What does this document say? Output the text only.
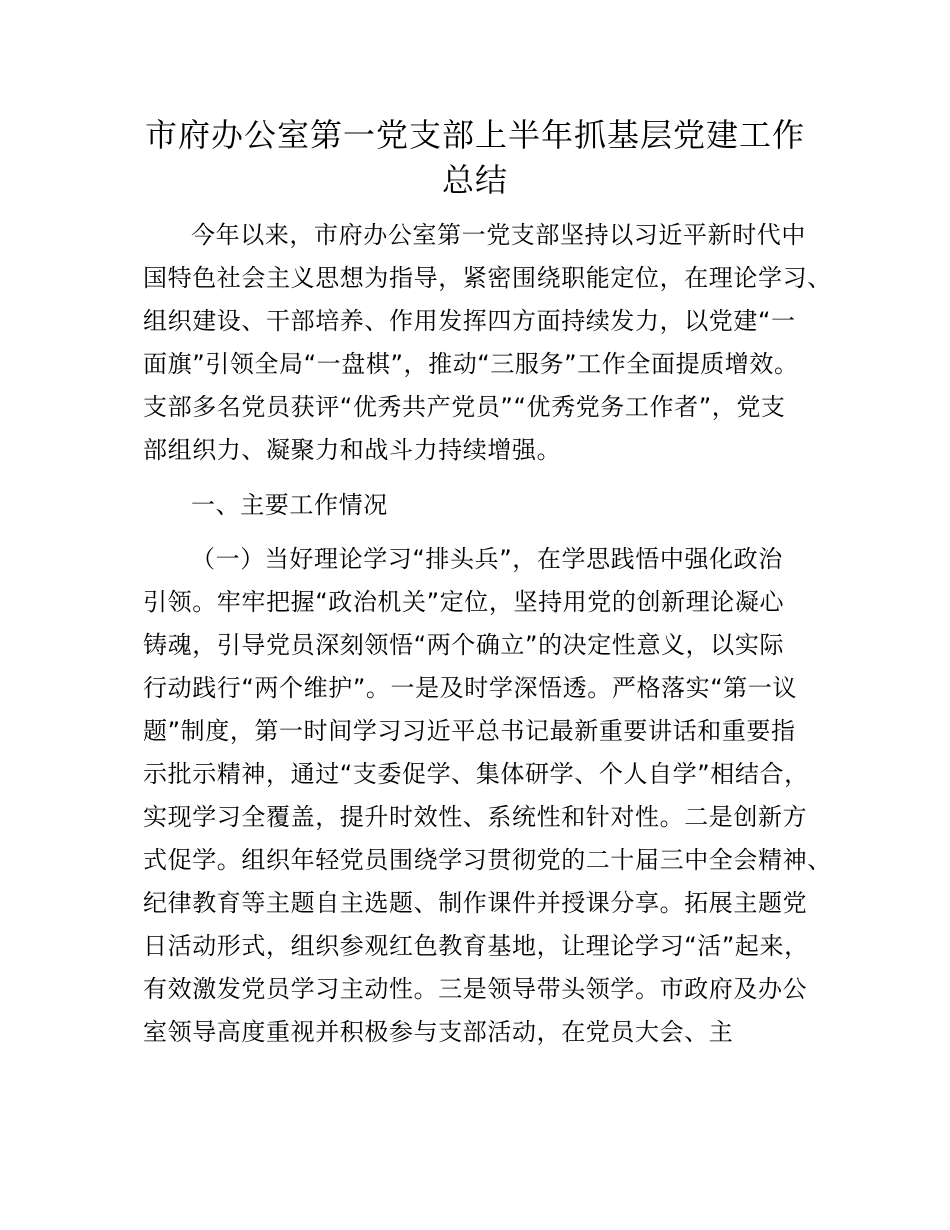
市府办公室第一党支部上半年抓基层党建工作
总结
今年以来，市府办公室第一党支部坚持以习近平新时代中
国特色社会主义思想为指导，紧密围绕职能定位，在理论学习、
组织建设、干部培养、作用发挥四方面持续发力，以党建“一
面旗”引领全局“一盘棋”，推动“三服务”工作全面提质增效。
支部多名党员获评“优秀共产党员”“优秀党务工作者”，党支
部组织力、凝聚力和战斗力持续增强。
一、主要工作情况
（一）当好理论学习“排头兵”，在学思践悟中强化政治
引领。牢牢把握“政治机关”定位，坚持用党的创新理论凝心
铸魂，引导党员深刻领悟“两个确立”的决定性意义，以实际
行动践行“两个维护”。一是及时学深悟透。严格落实“第一议
题”制度，第一时间学习习近平总书记最新重要讲话和重要指
示批示精神，通过“支委促学、集体研学、个人自学”相结合，
实现学习全覆盖，提升时效性、系统性和针对性。二是创新方
式促学。组织年轻党员围绕学习贯彻党的二十届三中全会精神、
纪律教育等主题自主选题、制作课件并授课分享。拓展主题党
日活动形式，组织参观红色教育基地，让理论学习“活”起来，
有效激发党员学习主动性。三是领导带头领学。市政府及办公
室领导高度重视并积极参与支部活动，在党员大会、主
